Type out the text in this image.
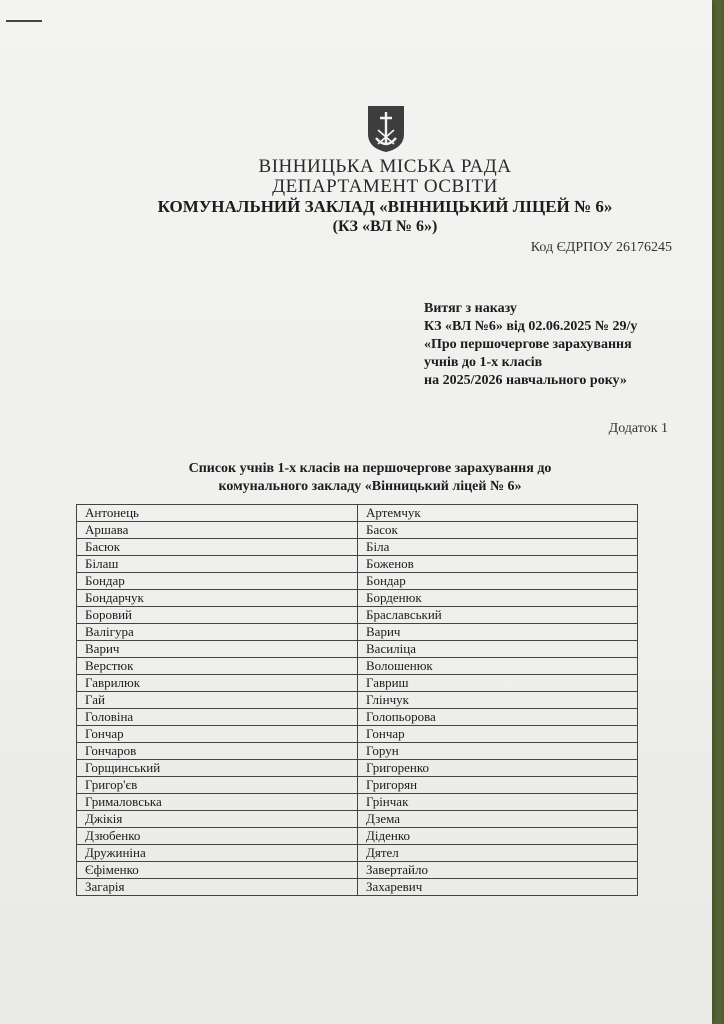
ВІННИЦЬКА МІСЬКА РАДА
ДЕПАРТАМЕНТ ОСВІТИ
КОМУНАЛЬНИЙ ЗАКЛАД «ВІННИЦЬКИЙ ЛІЦЕЙ № 6»
(КЗ «ВЛ № 6»)
Код ЄДРПОУ 26176245
Витяг з наказу
КЗ «ВЛ №6» від 02.06.2025 № 29/у
«Про першочергове зарахування
учнів до 1-х класів
на 2025/2026 навчального року»
Додаток 1
Список учнів 1-х класів на першочергове зарахування до
комунального закладу «Вінницький ліцей № 6»
Антонець	Артемчук
Аршава	Басок
Басюк	Біла
Білаш	Боженов
Бондар	Бондар
Бондарчук	Борденюк
Боровий	Браславський
Валігура	Варич
Варич	Василіца
Верстюк	Волошенюк
Гаврилюк	Гавриш
Гай	Глінчук
Головіна	Голопьорова
Гончар	Гончар
Гончаров	Горун
Горщинський	Григоренко
Григор'єв	Григорян
Грималовська	Грінчак
Джікія	Дзема
Дзюбенко	Діденко
Дружиніна	Дятел
Єфіменко	Завертайло
Загарія	Захаревич
